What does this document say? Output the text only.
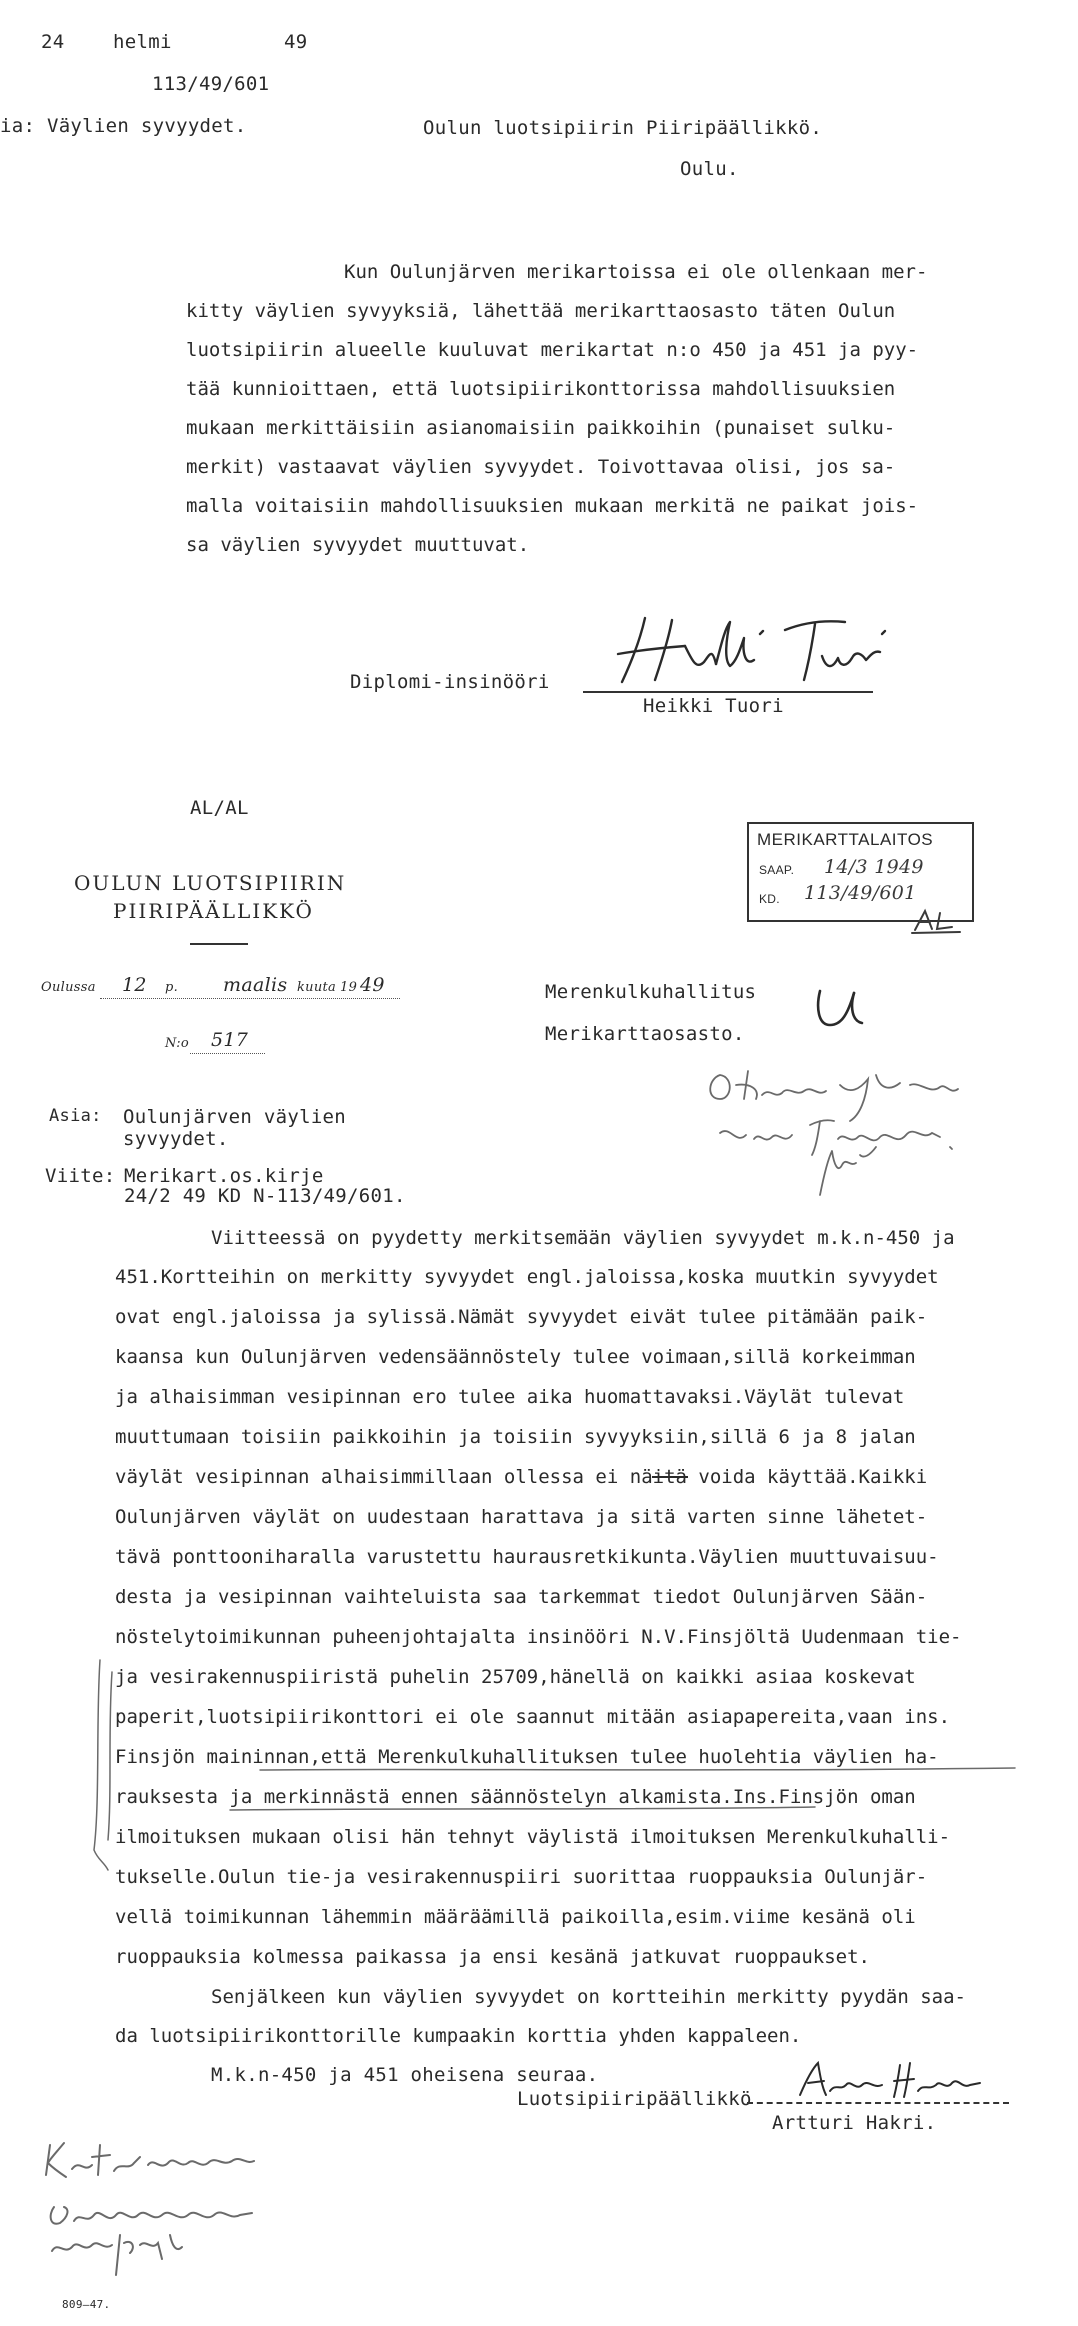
24	helmi	49
113/49/601
ia: Väylien syvyydet.	Oulun luotsipiirin Piiripäällikkö.
Oulu.
Kun Oulunjärven merikartoissa ei ole ollenkaan mer-
kitty väylien syvyyksiä, lähettää merikarttaosasto täten Oulun
luotsipiirin alueelle kuuluvat merikartat n:o 450 ja 451 ja pyy-
tää kunnioittaen, että luotsipiirikonttorissa mahdollisuuksien
mukaan merkittäisiin asianomaisiin paikkoihin (punaiset sulku-
merkit) vastaavat väylien syvyydet. Toivottavaa olisi, jos sa-
malla voitaisiin mahdollisuuksien mukaan merkitä ne paikat jois-
sa väylien syvyydet muuttuvat.
Diplomi-insinööri
Heikki Tuori
AL/AL
MERIKARTTALAITOS
SAAP. 14/3 1949
KD. 113/49/601
OULUN LUOTSIPIIRIN
PIIRIPÄÄLLIKKÖ
Oulussa 12 p. maalis kuuta 19 49
N:o 517
Merenkulkuhallitus
Merikarttaosasto.
Asia: Oulunjärven väylien
syvyydet.
Viite: Merikart.os.kirje
24/2 49 KD N-113/49/601.
Viitteessä on pyydetty merkitsemään väylien syvyydet m.k.n-450 ja
451.Kortteihin on merkitty syvyydet engl.jaloissa,koska muutkin syvyydet
ovat engl.jaloissa ja sylissä.Nämät syvyydet eivät tulee pitämään paik-
kaansa kun Oulunjärven vedensäännöstely tulee voimaan,sillä korkeimman
ja alhaisimman vesipinnan ero tulee aika huomattavaksi.Väylät tulevat
muuttumaan toisiin paikkoihin ja toisiin syvyyksiin,sillä 6 ja 8 jalan
väylät vesipinnan alhaisimmillaan ollessa ei näitä voida käyttää.Kaikki
Oulunjärven väylät on uudestaan harattava ja sitä varten sinne lähetet-
tävä ponttooniharalla varustettu haurausretkikunta.Väylien muuttuvaisuu-
desta ja vesipinnan vaihteluista saa tarkemmat tiedot Oulunjärven Sään-
nöstelytoimikunnan puheenjohtajalta insinööri N.V.Finsjöltä Uudenmaan tie-
ja vesirakennuspiiristä puhelin 25709,hänellä on kaikki asiaa koskevat
paperit,luotsipiirikonttori ei ole saannut mitään asiapapereita,vaan ins.
Finsjön maininnan,että Merenkulkuhallituksen tulee huolehtia väylien ha-
rauksesta ja merkinnästä ennen säännöstelyn alkamista.Ins.Finsjön oman
ilmoituksen mukaan olisi hän tehnyt väylistä ilmoituksen Merenkulkuhalli-
tukselle.Oulun tie-ja vesirakennuspiiri suorittaa ruoppauksia Oulunjär-
vellä toimikunnan lähemmin määräämillä paikoilla,esim.viime kesänä oli
ruoppauksia kolmessa paikassa ja ensi kesänä jatkuvat ruoppaukset.
Senjälkeen kun väylien syvyydet on kortteihin merkitty pyydän saa-
da luotsipiirikonttorille kumpaakin korttia yhden kappaleen.
M.k.n-450 ja 451 oheisena seuraa.
Luotsipiiripäällikkö
Artturi Hakri.
809—47.
